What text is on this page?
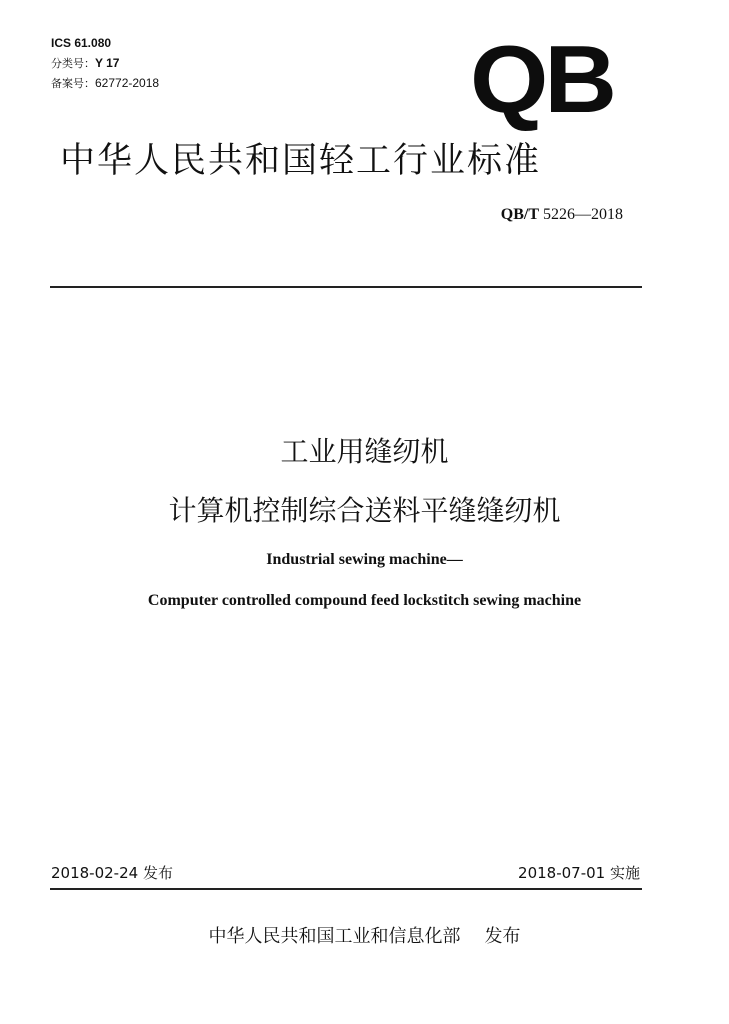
ICS 61.080
分类号：Y 17
备案号：62772-2018	QB
中华人民共和国轻工行业标准
QB/T 5226—2018
工业用缝纫机
计算机控制综合送料平缝缝纫机
Industrial sewing machine—
Computer controlled compound feed lockstitch sewing machine
2018-02-24 发布	2018-07-01 实施
中华人民共和国工业和信息化部 发布
